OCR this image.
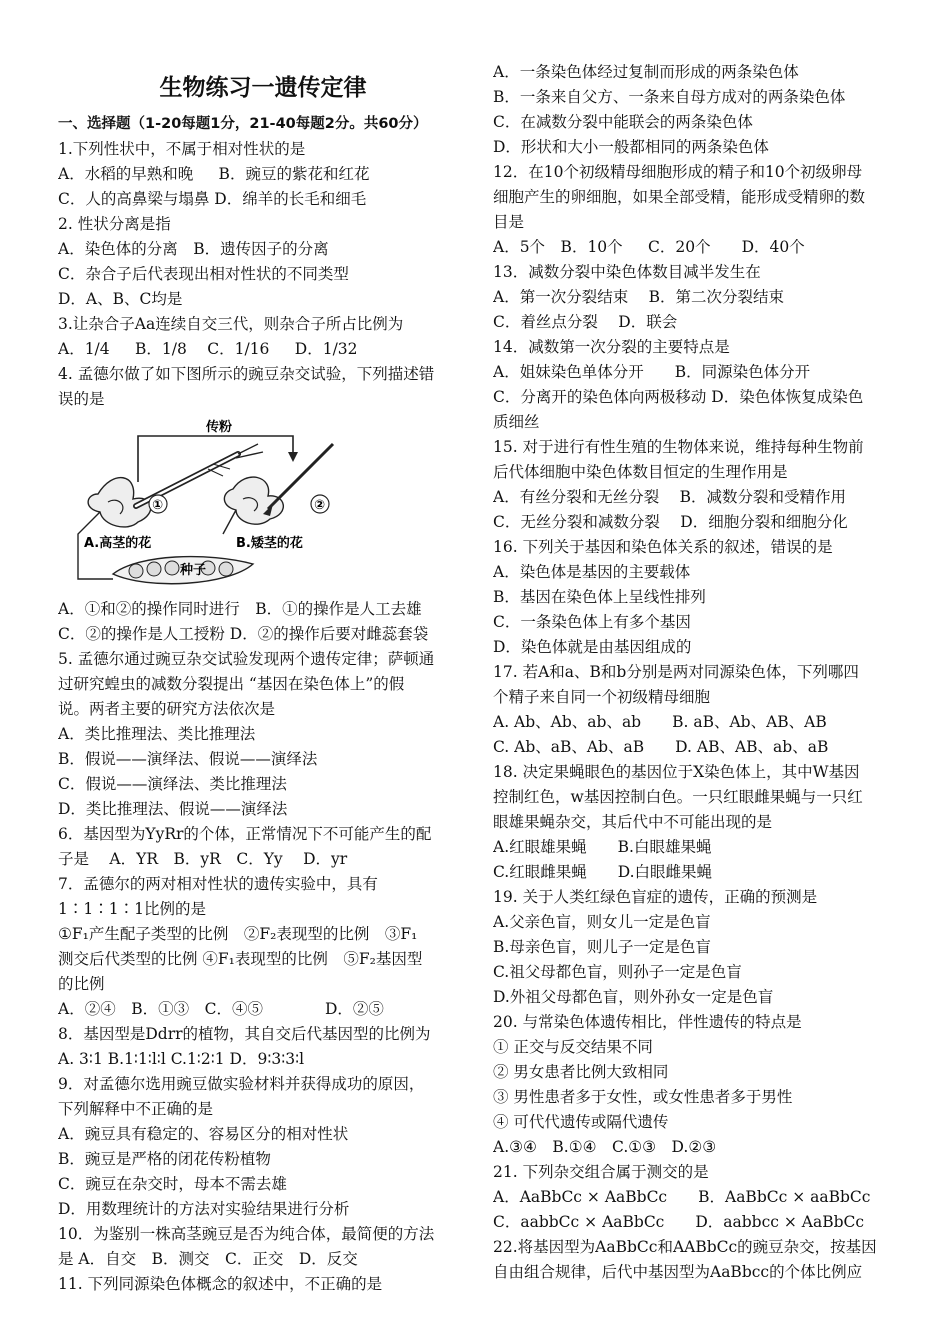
生物练习一遗传定律
一、选择题（1-20每题1分，21-40每题2分。共60分）
1.下列性状中，不属于相对性状的是
A．水稻的早熟和晚　  B．豌豆的紫花和红花
C．人的高鼻梁与塌鼻 D．绵羊的长毛和细毛
2. 性状分离是指
A．染色体的分离　B．遗传因子的分离
C．杂合子后代表现出相对性状的不同类型
D．A、B、C均是
3.让杂合子Aa连续自交三代，则杂合子所占比例为
A．1/4　  B．1/8　 C．1/16　  D．1/32
4. 孟德尔做了如下图所示的豌豆杂交试验，下列描述错
误的是
传粉
①	②
A.高茎的花	B.矮茎的花
种子
A．①和②的操作同时进行　B．①的操作是人工去雄
C．②的操作是人工授粉 D．②的操作后要对雌蕊套袋
5. 孟德尔通过豌豆杂交试验发现两个遗传定律；萨顿通
过研究蝗虫的减数分裂提出 “基因在染色体上”的假
说。两者主要的研究方法依次是
A．类比推理法、类比推理法
B．假说——演绎法、假说——演绎法
C．假说——演绎法、类比推理法
D．类比推理法、假说——演绎法
6．基因型为YyRr的个体，正常情况下不可能产生的配
子是　 A．YR　B．yR　C．Yy　 D．yr
7．孟德尔的两对相对性状的遗传实验中，具有
1∶1∶1∶1比例的是
①F₁产生配子类型的比例　②F₂表现型的比例　③F₁
测交后代类型的比例 ④F₁表现型的比例　⑤F₂基因型
的比例
A．②④　B．①③　C．④⑤　　　　D．②⑤
8．基因型是Ddrr的植物，其自交后代基因型的比例为
A. 3∶1 B.1∶1∶l∶l C.1∶2∶1 D．9∶3∶3∶l
9．对孟德尔选用豌豆做实验材料并获得成功的原因，
下列解释中不正确的是
A．豌豆具有稳定的、容易区分的相对性状
B．豌豆是严格的闭花传粉植物
C．豌豆在杂交时，母本不需去雄
D．用数理统计的方法对实验结果进行分析
10．为鉴别一株高茎豌豆是否为纯合体，最简便的方法
是 A．自交　B．测交　C．正交　D．反交
11. 下列同源染色体概念的叙述中，不正确的是
A．一条染色体经过复制而形成的两条染色体
B．一条来自父方、一条来自母方成对的两条染色体
C．在减数分裂中能联会的两条染色体
D．形状和大小一般都相同的两条染色体
12．在10个初级精母细胞形成的精子和10个初级卵母
细胞产生的卵细胞，如果全部受精，能形成受精卵的数
目是
A．5个　B．10个　  C．20个　　D．40个
13．减数分裂中染色体数目减半发生在
A．第一次分裂结束　 B．第二次分裂结束
C．着丝点分裂　 D．联会
14．减数第一次分裂的主要特点是
A．姐妹染色单体分开　　B．同源染色体分开
C．分离开的染色体向两极移动 D．染色体恢复成染色
质细丝
15. 对于进行有性生殖的生物体来说，维持每种生物前
后代体细胞中染色体数目恒定的生理作用是
A．有丝分裂和无丝分裂　 B．减数分裂和受精作用
C．无丝分裂和减数分裂　 D．细胞分裂和细胞分化
16. 下列关于基因和染色体关系的叙述，错误的是
A．染色体是基因的主要载体
B．基因在染色体上呈线性排列
C．一条染色体上有多个基因
D．染色体就是由基因组成的
17. 若A和a、B和b分别是两对同源染色体，下列哪四
个精子来自同一个初级精母细胞
A. Ab、Ab、ab、ab　　B. aB、Ab、AB、AB
C. Ab、aB、Ab、aB　　D. AB、AB、ab、aB
18. 决定果蝇眼色的基因位于X染色体上，其中W基因
控制红色，w基因控制白色。一只红眼雌果蝇与一只红
眼雄果蝇杂交，其后代中不可能出现的是
A.红眼雄果蝇　　B.白眼雄果蝇
C.红眼雌果蝇　　D.白眼雌果蝇
19. 关于人类红绿色盲症的遗传，正确的预测是
A.父亲色盲，则女儿一定是色盲
B.母亲色盲，则儿子一定是色盲
C.祖父母都色盲，则孙子一定是色盲
D.外祖父母都色盲，则外孙女一定是色盲
20. 与常染色体遗传相比，伴性遗传的特点是
① 正交与反交结果不同
② 男女患者比例大致相同
③ 男性患者多于女性，或女性患者多于男性
④ 可代代遗传或隔代遗传
A.③④　B.①④　C.①③　D.②③
21. 下列杂交组合属于测交的是
A．AaBbCc × AaBbCc　　B．AaBbCc × aaBbCc
C．aabbCc × AaBbCc　　D．aabbcc × AaBbCc
22.将基因型为AaBbCc和AABbCc的豌豆杂交，按基因
自由组合规律，后代中基因型为AaBbcc的个体比例应
